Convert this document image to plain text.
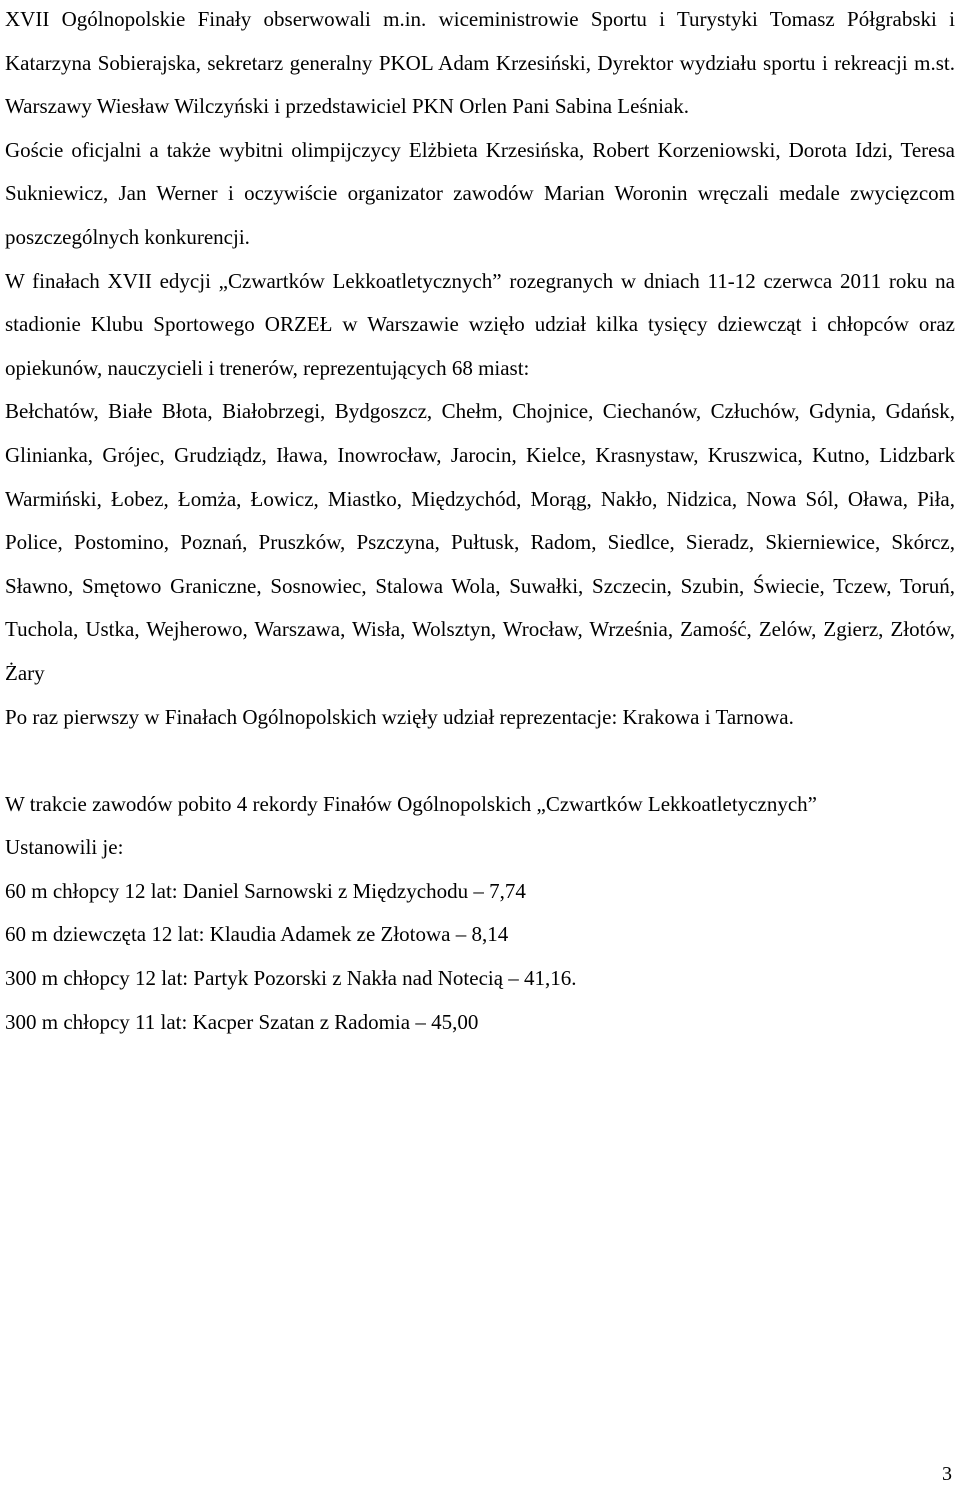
XVII Ogólnopolskie Finały obserwowali m.in. wiceministrowie Sportu i Turystyki Tomasz Półgrabski i Katarzyna Sobierajska, sekretarz generalny PKOL Adam Krzesiński, Dyrektor wydziału sportu i rekreacji m.st. Warszawy Wiesław Wilczyński i przedstawiciel PKN Orlen Pani Sabina Leśniak.

Goście oficjalni a także wybitni olimpijczycy Elżbieta Krzesińska, Robert Korzeniowski, Dorota Idzi, Teresa Sukniewicz, Jan Werner i oczywiście organizator zawodów Marian Woronin wręczali medale zwycięzcom poszczególnych konkurencji.

W finałach XVII edycji „Czwartków Lekkoatletycznych” rozegranych w dniach 11-12 czerwca 2011 roku na stadionie Klubu Sportowego ORZEŁ w Warszawie wzięło udział kilka tysięcy dziewcząt i chłopców oraz opiekunów, nauczycieli i trenerów, reprezentujących 68 miast:

Bełchatów, Białe Błota, Białobrzegi, Bydgoszcz, Chełm, Chojnice, Ciechanów, Człuchów, Gdynia, Gdańsk, Glinianka, Grójec, Grudziądz, Iława, Inowrocław, Jarocin, Kielce, Krasnystaw, Kruszwica, Kutno, Lidzbark Warmiński, Łobez, Łomża, Łowicz, Miastko, Międzychód, Morąg, Nakło, Nidzica, Nowa Sól, Oława, Piła, Police, Postomino, Poznań, Pruszków, Pszczyna, Pułtusk, Radom, Siedlce, Sieradz, Skierniewice, Skórcz, Sławno, Smętowo Graniczne, Sosnowiec, Stalowa Wola, Suwałki, Szczecin, Szubin, Świecie, Tczew, Toruń, Tuchola, Ustka, Wejherowo, Warszawa, Wisła, Wolsztyn, Wrocław, Września, Zamość, Zelów, Zgierz, Złotów, Żary

Po raz pierwszy w Finałach Ogólnopolskich wzięły udział reprezentacje: Krakowa i Tarnowa.

W trakcie zawodów pobito 4 rekordy Finałów Ogólnopolskich „Czwartków Lekkoatletycznych”

Ustanowili je:

60 m chłopcy 12 lat: Daniel Sarnowski z Międzychodu – 7,74

60 m dziewczęta 12 lat: Klaudia Adamek ze Złotowa – 8,14

300 m chłopcy 12 lat: Partyk Pozorski z Nakła nad Notecią – 41,16.

300 m chłopcy 11 lat: Kacper Szatan z Radomia – 45,00

3
